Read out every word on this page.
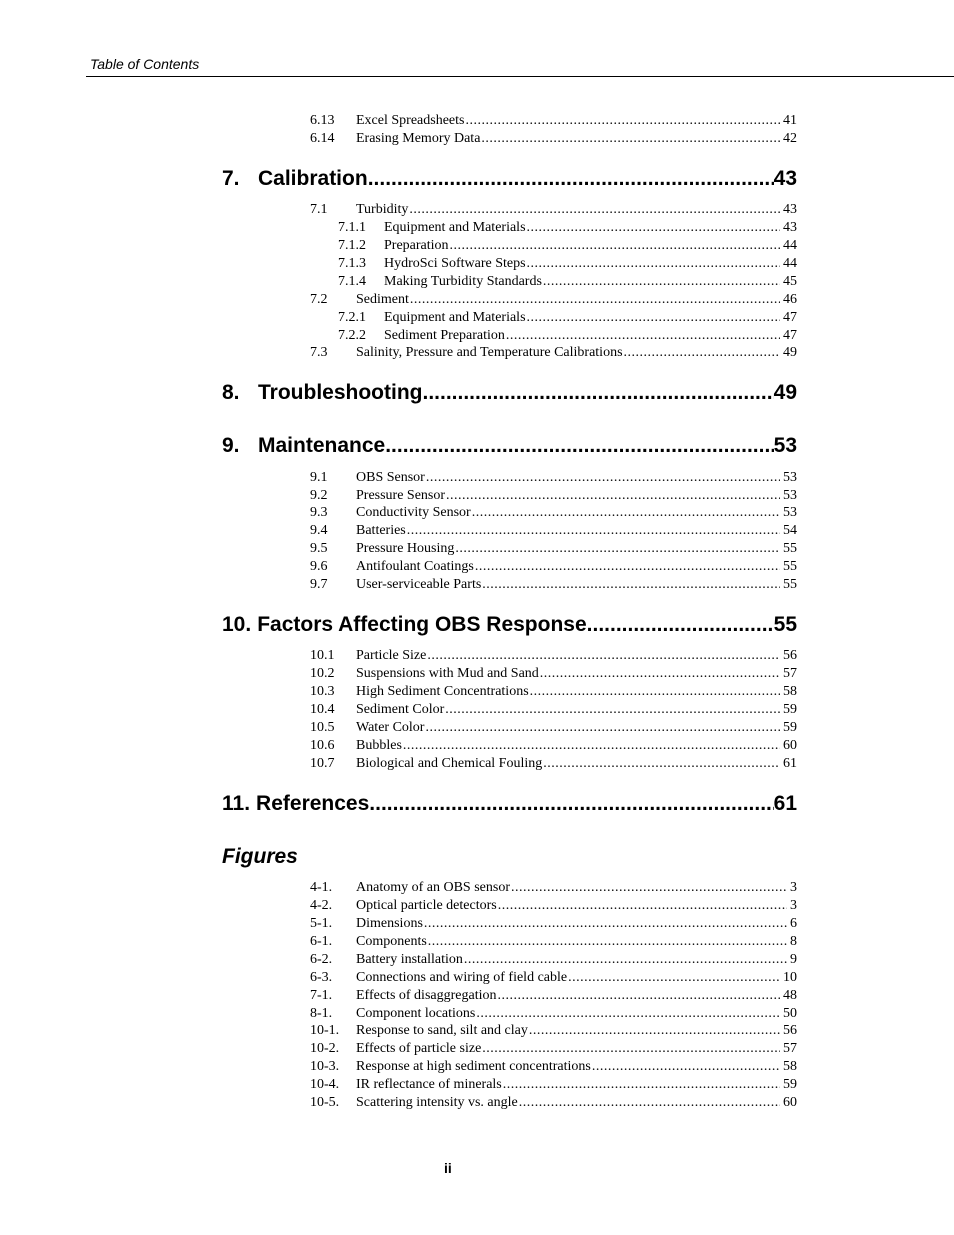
Table of Contents
6.13	Excel Spreadsheets .....	41
6.14	Erasing Memory Data .....	42
7. Calibration .....	43
7.1	Turbidity .....	43
7.1.1	Equipment and Materials .....	43
7.1.2	Preparation .....	44
7.1.3	HydroSci Software Steps .....	44
7.1.4	Making Turbidity Standards .....	45
7.2	Sediment .....	46
7.2.1	Equipment and Materials .....	47
7.2.2	Sediment Preparation .....	47
7.3	Salinity, Pressure and Temperature Calibrations .....	49
8. Troubleshooting .....	49
9. Maintenance .....	53
9.1	OBS Sensor .....	53
9.2	Pressure Sensor .....	53
9.3	Conductivity Sensor .....	53
9.4	Batteries .....	54
9.5	Pressure Housing .....	55
9.6	Antifoulant Coatings .....	55
9.7	User-serviceable Parts .....	55
10. Factors Affecting OBS Response .....	55
10.1	Particle Size .....	56
10.2	Suspensions with Mud and Sand .....	57
10.3	High Sediment Concentrations .....	58
10.4	Sediment Color .....	59
10.5	Water Color .....	59
10.6	Bubbles .....	60
10.7	Biological and Chemical Fouling .....	61
11. References .....	61
Figures
4-1.	Anatomy of an OBS sensor .....	3
4-2.	Optical particle detectors .....	3
5-1.	Dimensions .....	6
6-1.	Components .....	8
6-2.	Battery installation .....	9
6-3.	Connections and wiring of field cable .....	10
7-1.	Effects of disaggregation .....	48
8-1.	Component locations .....	50
10-1.	Response to sand, silt and clay .....	56
10-2.	Effects of particle size .....	57
10-3.	Response at high sediment concentrations .....	58
10-4.	IR reflectance of minerals .....	59
10-5.	Scattering intensity vs. angle .....	60
ii
